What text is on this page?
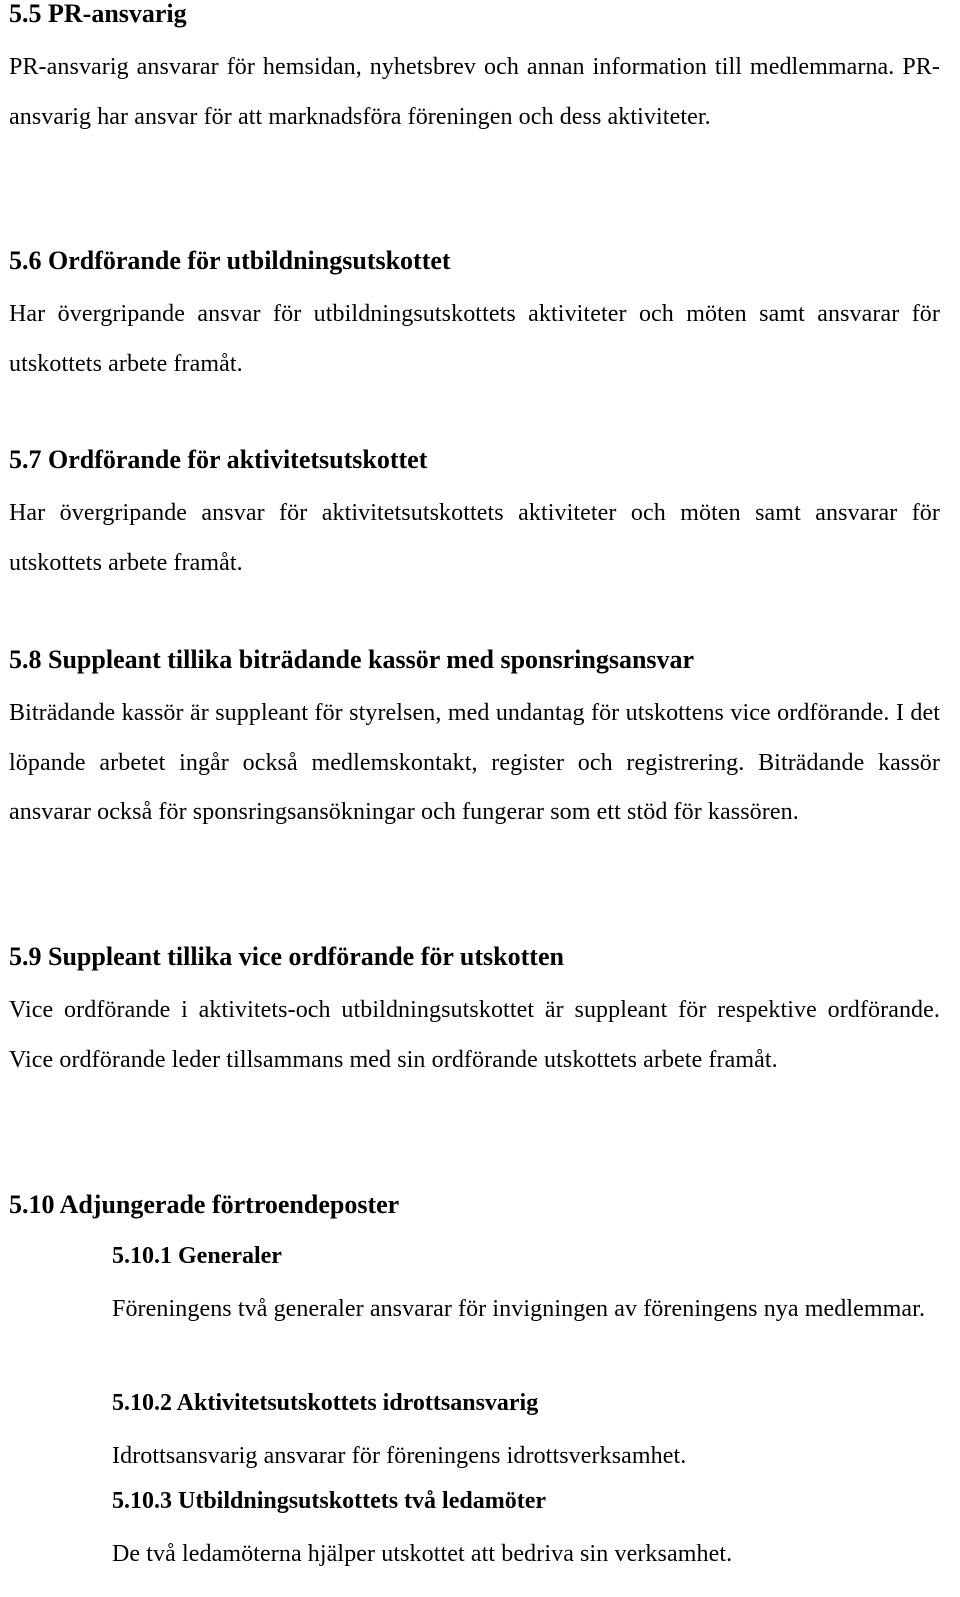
5.5 PR-ansvarig

PR-ansvarig ansvarar för hemsidan, nyhetsbrev och annan information till medlemmarna. PR-ansvarig har ansvar för att marknadsföra föreningen och dess aktiviteter.

5.6 Ordförande för utbildningsutskottet

Har övergripande ansvar för utbildningsutskottets aktiviteter och möten samt ansvarar för utskottets arbete framåt.

5.7 Ordförande för aktivitetsutskottet

Har övergripande ansvar för aktivitetsutskottets aktiviteter och möten samt ansvarar för utskottets arbete framåt.

5.8 Suppleant tillika biträdande kassör med sponsringsansvar

Biträdande kassör är suppleant för styrelsen, med undantag för utskottens vice ordförande. I det löpande arbetet ingår också medlemskontakt, register och registrering. Biträdande kassör ansvarar också för sponsringsansökningar och fungerar som ett stöd för kassören.

5.9 Suppleant tillika vice ordförande för utskotten

Vice ordförande i aktivitets-och utbildningsutskottet är suppleant för respektive ordförande. Vice ordförande leder tillsammans med sin ordförande utskottets arbete framåt.

5.10 Adjungerade förtroendeposter
5.10.1 Generaler

Föreningens två generaler ansvarar för invigningen av föreningens nya medlemmar.

5.10.2 Aktivitetsutskottets idrottsansvarig

Idrottsansvarig ansvarar för föreningens idrottsverksamhet.

5.10.3 Utbildningsutskottets två ledamöter

De två ledamöterna hjälper utskottet att bedriva sin verksamhet.
